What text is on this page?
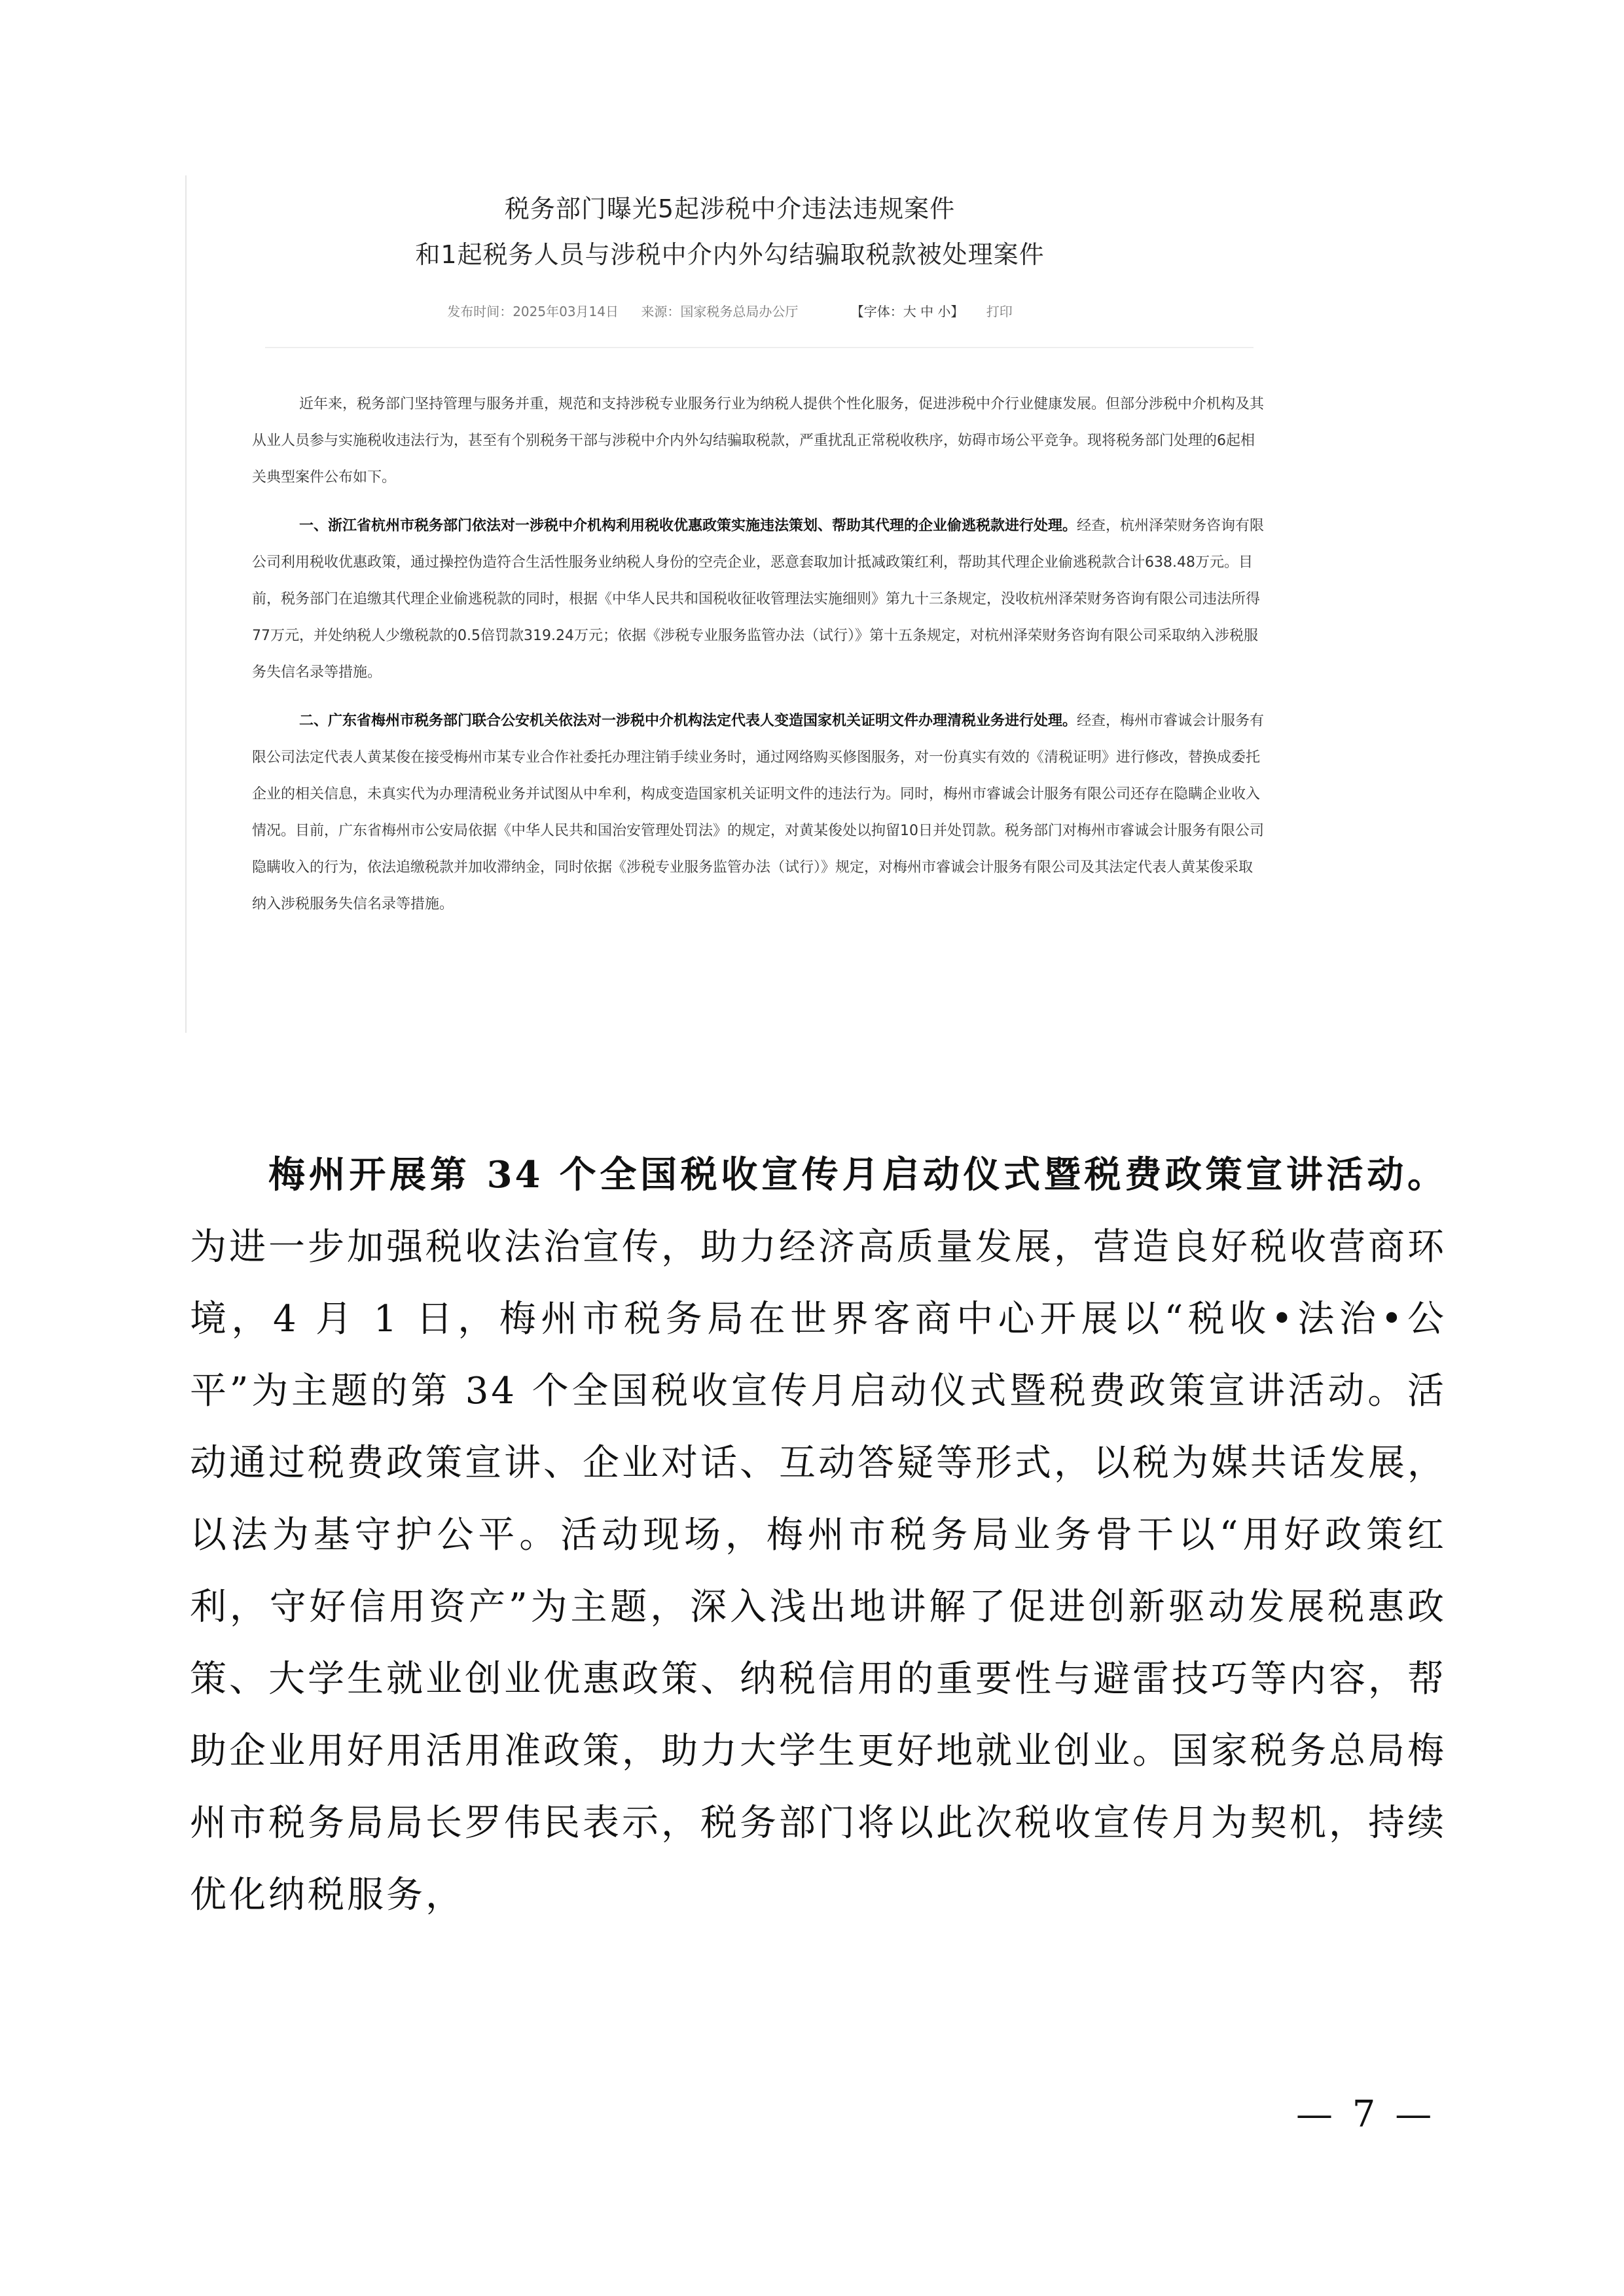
税务部门曝光5起涉税中介违法违规案件
和1起税务人员与涉税中介内外勾结骗取税款被处理案件
发布时间：2025年03月14日 来源：国家税务总局办公厅	【字体：大 中 小】 打印

近年来，税务部门坚持管理与服务并重，规范和支持涉税专业服务行业为纳税人提供个性化服务，促进涉税中介行业健康发展。但部分涉税中介机构及其从业人员参与实施税收违法行为，甚至有个别税务干部与涉税中介内外勾结骗取税款，严重扰乱正常税收秩序，妨碍市场公平竞争。现将税务部门处理的6起相关典型案件公布如下。

一、浙江省杭州市税务部门依法对一涉税中介机构利用税收优惠政策实施违法策划、帮助其代理的企业偷逃税款进行处理。经查，杭州泽荣财务咨询有限公司利用税收优惠政策，通过操控伪造符合生活性服务业纳税人身份的空壳企业，恶意套取加计抵减政策红利，帮助其代理企业偷逃税款合计638.48万元。目前，税务部门在追缴其代理企业偷逃税款的同时，根据《中华人民共和国税收征收管理法实施细则》第九十三条规定，没收杭州泽荣财务咨询有限公司违法所得77万元，并处纳税人少缴税款的0.5倍罚款319.24万元；依据《涉税专业服务监管办法（试行）》第十五条规定，对杭州泽荣财务咨询有限公司采取纳入涉税服务失信名录等措施。

二、广东省梅州市税务部门联合公安机关依法对一涉税中介机构法定代表人变造国家机关证明文件办理清税业务进行处理。经查，梅州市睿诚会计服务有限公司法定代表人黄某俊在接受梅州市某专业合作社委托办理注销手续业务时，通过网络购买修图服务，对一份真实有效的《清税证明》进行修改，替换成委托企业的相关信息，未真实代为办理清税业务并试图从中牟利，构成变造国家机关证明文件的违法行为。同时，梅州市睿诚会计服务有限公司还存在隐瞒企业收入情况。目前，广东省梅州市公安局依据《中华人民共和国治安管理处罚法》的规定，对黄某俊处以拘留10日并处罚款。税务部门对梅州市睿诚会计服务有限公司隐瞒收入的行为，依法追缴税款并加收滞纳金，同时依据《涉税专业服务监管办法（试行）》规定，对梅州市睿诚会计服务有限公司及其法定代表人黄某俊采取纳入涉税服务失信名录等措施。

梅州开展第 34 个全国税收宣传月启动仪式暨税费政策宣讲活动。为进一步加强税收法治宣传，助力经济高质量发展，营造良好税收营商环境，4 月 1 日，梅州市税务局在世界客商中心开展以“税收•法治•公平”为主题的第 34 个全国税收宣传月启动仪式暨税费政策宣讲活动。活动通过税费政策宣讲、企业对话、互动答疑等形式，以税为媒共话发展，以法为基守护公平。活动现场，梅州市税务局业务骨干以“用好政策红利，守好信用资产”为主题，深入浅出地讲解了促进创新驱动发展税惠政策、大学生就业创业优惠政策、纳税信用的重要性与避雷技巧等内容，帮助企业用好用活用准政策，助力大学生更好地就业创业。国家税务总局梅州市税务局局长罗伟民表示，税务部门将以此次税收宣传月为契机，持续优化纳税服务，

— 7 —
